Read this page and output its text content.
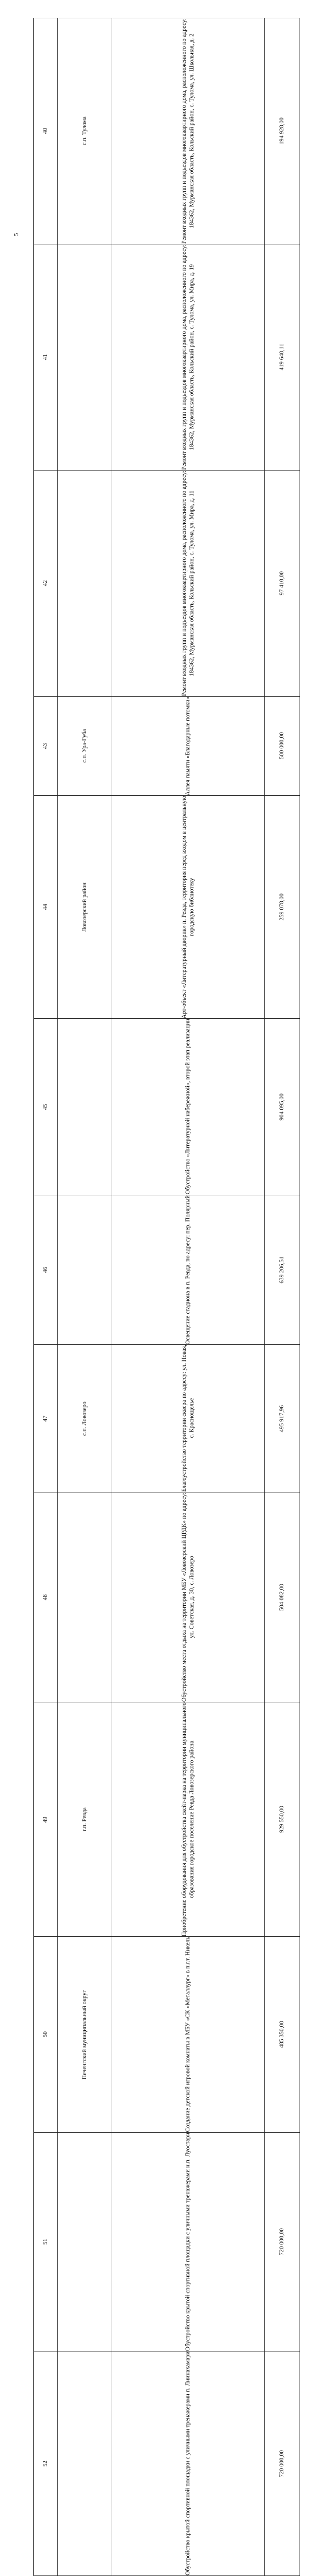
5
40	с.п. Тулома	Ремонт входных групп и подъездов многоквартирного дома, расположенного по адресу: 184362, Мурманская область, Кольский район, с. Тулома, ул. Школьная, д. 2	194 928,00

41		Ремонт входных групп и подъездов многоквартирного дома, расположенного по адресу: 184362, Мурманская область, Кольский район, с. Тулома, ул. Мира, д. 19	419 640,11

42		Ремонт входных групп и подъездов многоквартирного дома, расположенного по адресу: 184362, Мурманская область, Кольский район, с. Тулома, ул. Мира, д. 11	97 410,00

43	с.п. Ура-Губа	Аллея памяти «Благодарные потомки»	500 000,00

44	Ловозерский район	Арт-объект «Литературный дворик» п. Ревда, территория перед входом в центральную городскую библиотеку	259 078,00

45		Обустройство «Литературной набережной», второй этап реализации	904 095,00

46		Освещение стадиона в п. Ревда, по адресу: пер. Полярный	639 206,51

47	с.п. Ловозеро	Благоустройство территории сквера по адресу: ул. Новая, с. Краснощелье	495 917,96

48		Обустройство места отдыха на территории МБУ «Ловозерский ЦРДК» по адресу: ул. Советская, д. 30, с. Ловозеро	504 082,00

49	г.п. Ревда	Приобретение оборудования для обустройства скейт-парка на территории муниципального образования городское поселение Ревда Ловозерского района	929 550,00

50	Печенгский муниципальный округ	Создание детской игровой комнаты в МБУ «СК «Металлург» в п.г.т. Никель	485 350,00

51		Обустройство крытой спортивной площадки с уличными тренажерами н.п. Луостари	720 000,00

52		Обустройство крытой спортивной площадки с уличными тренажерами п. Лиинахамари	720 000,00
